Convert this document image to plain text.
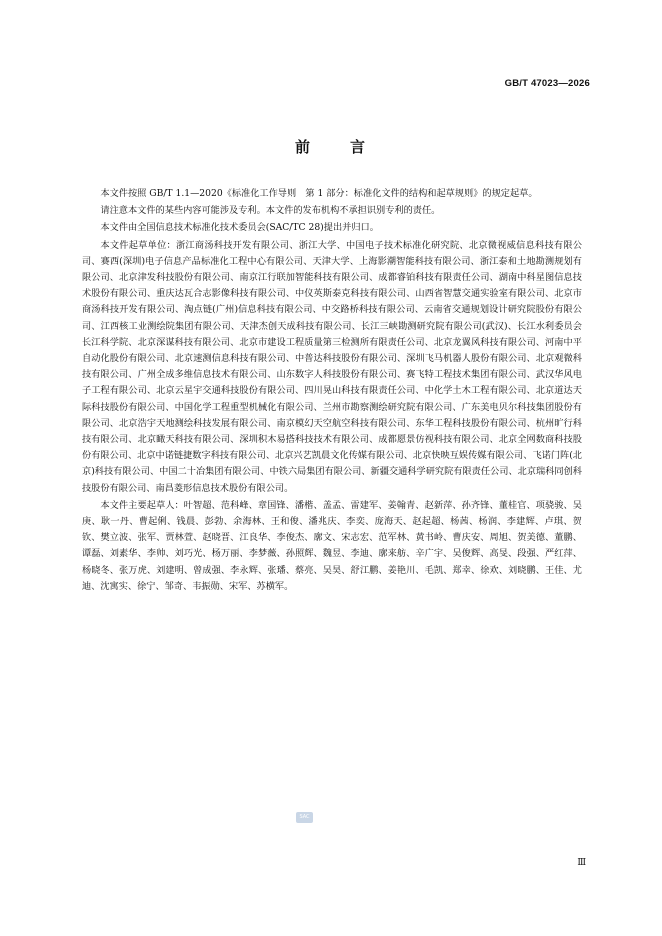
GB/T 47023—2026
前	言

本文件按照 GB/T 1.1—2020《标准化工作导则　第 1 部分：标准化文件的结构和起草规则》的规定起草。

请注意本文件的某些内容可能涉及专利。本文件的发布机构不承担识别专利的责任。

本文件由全国信息技术标准化技术委员会(SAC/TC 28)提出并归口。

本文件起草单位：浙江商汤科技开发有限公司、浙江大学、中国电子技术标准化研究院、北京微视威信息科技有限公司、赛西(深圳)电子信息产品标准化工程中心有限公司、天津大学、上海影潮智能科技有限公司、浙江泰和土地勘测规划有限公司、北京津发科技股份有限公司、南京江行联加智能科技有限公司、成都睿铂科技有限责任公司、湖南中科星图信息技术股份有限公司、重庆达瓦合志影像科技有限公司、中仪英斯泰克科技有限公司、山西省智慧交通实验室有限公司、北京市商汤科技开发有限公司、淘点链(广州)信息科技有限公司、中交路桥科技有限公司、云南省交通规划设计研究院股份有限公司、江西核工业测绘院集团有限公司、天津杰创天成科技有限公司、长江三峡勘测研究院有限公司(武汉)、长江水利委员会长江科学院、北京深谋科技有限公司、北京市建设工程质量第三检测所有限责任公司、北京龙翼风科技有限公司、河南中平自动化股份有限公司、北京速测信息科技有限公司、中普达科技股份有限公司、深圳飞马机器人股份有限公司、北京观微科技有限公司、广州全成多维信息技术有限公司、山东数字人科技股份有限公司、赛飞特工程技术集团有限公司、武汉华风电子工程有限公司、北京云星宇交通科技股份有限公司、四川晃山科技有限责任公司、中化学土木工程有限公司、北京道达天际科技股份有限公司、中国化学工程重型机械化有限公司、兰州市勘察测绘研究院有限公司、广东美电贝尔科技集团股份有限公司、北京浩宇天地测绘科技发展有限公司、南京模幻天空航空科技有限公司、东华工程科技股份有限公司、杭州旷行科技有限公司、北京瞰天科技有限公司、深圳积木易搭科技技术有限公司、成都愿景仿视科技有限公司、北京全网数商科技股份有限公司、北京中诺链捷数字科技有限公司、北京兴艺凯晨文化传媒有限公司、北京快映互娱传媒有限公司、飞诺门阵(北京)科技有限公司、中国二十冶集团有限公司、中铁六局集团有限公司、新疆交通科学研究院有限责任公司、北京瑞科同创科技股份有限公司、南昌菱形信息技术股份有限公司。

本文件主要起草人：叶智超、范科峰、章国锋、潘楷、盖孟、雷建军、姜翰青、赵新萍、孙齐锋、董桂官、项骁骏、吴庚、耿一丹、曹起俐、钱晨、彭勃、余海林、王和俊、潘兆庆、李奕、庞海天、赵起超、杨茜、杨润、李建辉、卢琪、贺钦、樊立波、张军、贾林萱、赵晓晋、江良华、李俊杰、廓文、宋志宏、范军林、黄书岭、曹庆安、周旭、贺美德、董鹏、谭磊、刘素华、李帅、刘巧光、杨万丽、李梦薇、孙照辉、魏昱、李迪、廓来舫、辛广宇、吴俊辉、高旻、段强、严红萍、杨晓冬、张万虎、刘建明、曾成强、李永辉、张璠、蔡亮、吴昊、舒江鹏、姜艳川、毛凯、郑幸、徐欢、刘晓鹏、王佳、尤迪、沈寓实、徐宁、邹奇、韦振勋、宋军、苏横军。

SAC
Ⅲ
